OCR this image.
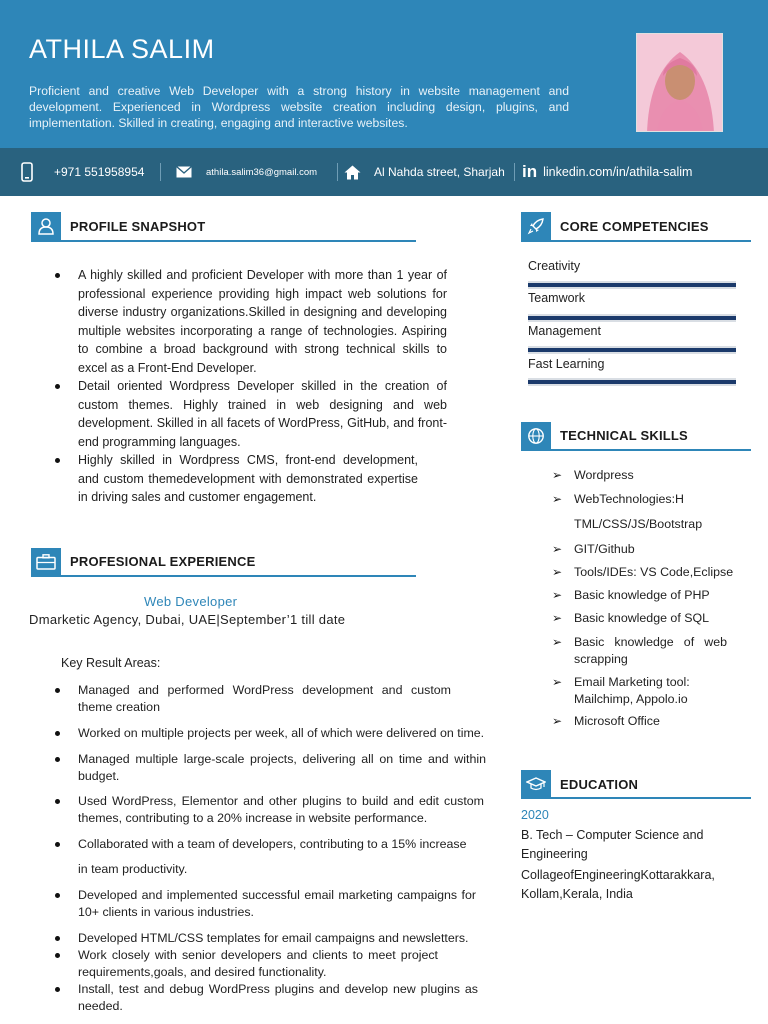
ATHILA SALIM
Proficient and creative Web Developer with a strong history in website management and development. Experienced in Wordpress website creation including design, plugins, and implementation. Skilled in creating, engaging and interactive websites.
+971 551958954	athila.salim36@gmail.com	Al Nahda street, Sharjah in linkedin.com/in/athila-salim
PROFILE SNAPSHOT
A highly skilled and proficient Developer with more than 1 year of professional experience providing high impact web solutions for diverse industry organizations.Skilled in designing and developing multiple websites incorporating a range of technologies. Aspiring to combine a broad background with strong technical skills to excel as a Front-End Developer.
Detail oriented Wordpress Developer skilled in the creation of custom themes. Highly trained in web designing and web development. Skilled in all facets of WordPress, GitHub, and front-end programming languages.
Highly skilled in Wordpress CMS, front-end development, and custom themedevelopment with demonstrated expertise in driving sales and customer engagement.
PROFESIONAL EXPERIENCE
Web Developer
Dmarketic Agency, Dubai, UAE|September’1 till date
Key Result Areas:
Managed and performed WordPress development and custom theme creation
Worked on multiple projects per week, all of which were delivered on time.
Managed multiple large-scale projects, delivering all on time and within budget.
Used WordPress, Elementor and other plugins to build and edit custom themes, contributing to a 20% increase in website performance.
Collaborated with a team of developers, contributing to a 15% increase
in team productivity.
Developed and implemented successful email marketing campaigns for 10+ clients in various industries.
Developed HTML/CSS templates for email campaigns and newsletters.
Work closely with senior developers and clients to meet project requirements,goals, and desired functionality.
Install, test and debug WordPress plugins and develop new plugins as needed.
CORE COMPETENCIES
Creativity
Teamwork
Management
Fast Learning
TECHNICAL SKILLS
➢ Wordpress
➢ WebTechnologies:H
TML/CSS/JS/Bootstrap
➢ GIT/Github
➢ Tools/IDEs: VS Code,Eclipse
➢ Basic knowledge of PHP
➢ Basic knowledge of SQL
➢ Basic knowledge of web scrapping
➢ Email Marketing tool: Mailchimp, Appolo.io
➢ Microsoft Office
EDUCATION
2020
B. Tech – Computer Science and Engineering
CollageofEngineeringKottarakkara, Kollam,Kerala, India
